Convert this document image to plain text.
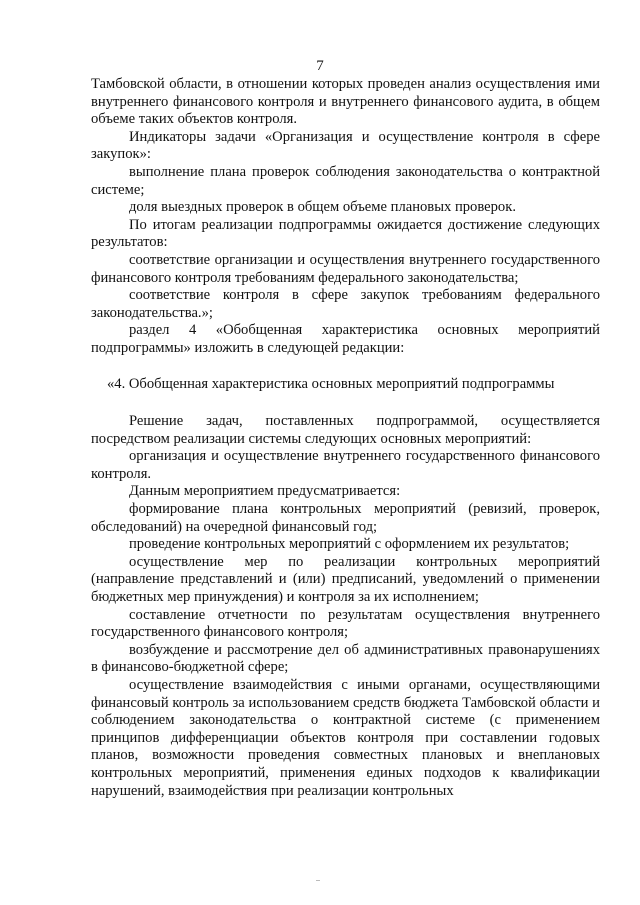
7

Тамбовской области, в отношении которых проведен анализ осуществления ими внутреннего финансового контроля и внутреннего финансового аудита, в общем объеме таких объектов контроля.

Индикаторы задачи «Организация и осуществление контроля в сфере закупок»:

выполнение плана проверок соблюдения законодательства о контрактной системе;

доля выездных проверок в общем объеме плановых проверок.

По итогам реализации подпрограммы ожидается достижение следующих результатов:

соответствие организации и осуществления внутреннего государственного финансового контроля требованиям федерального законодательства;

соответствие контроля в сфере закупок требованиям федерального законодательства.»;

раздел 4 «Обобщенная характеристика основных мероприятий подпрограммы» изложить в следующей редакции:

«4. Обобщенная характеристика основных мероприятий подпрограммы

Решение задач, поставленных подпрограммой, осуществляется посредством реализации системы следующих основных мероприятий:

организация и осуществление внутреннего государственного финансового контроля.

Данным мероприятием предусматривается:

формирование плана контрольных мероприятий (ревизий, проверок, обследований) на очередной финансовый год;

проведение контрольных мероприятий с оформлением их результатов;

осуществление мер по реализации контрольных мероприятий (направление представлений и (или) предписаний, уведомлений о применении бюджетных мер принуждения) и контроля за их исполнением;

составление отчетности по результатам осуществления внутреннего государственного финансового контроля;

возбуждение и рассмотрение дел об административных правонарушениях в финансово-бюджетной сфере;

осуществление взаимодействия с иными органами, осуществляющими финансовый контроль за использованием средств бюджета Тамбовской области и соблюдением законодательства о контрактной системе (с применением принципов дифференциации объектов контроля при составлении годовых планов, возможности проведения совместных плановых и внеплановых контрольных мероприятий, применения единых подходов к квалификации нарушений, взаимодействия при реализации контрольных
